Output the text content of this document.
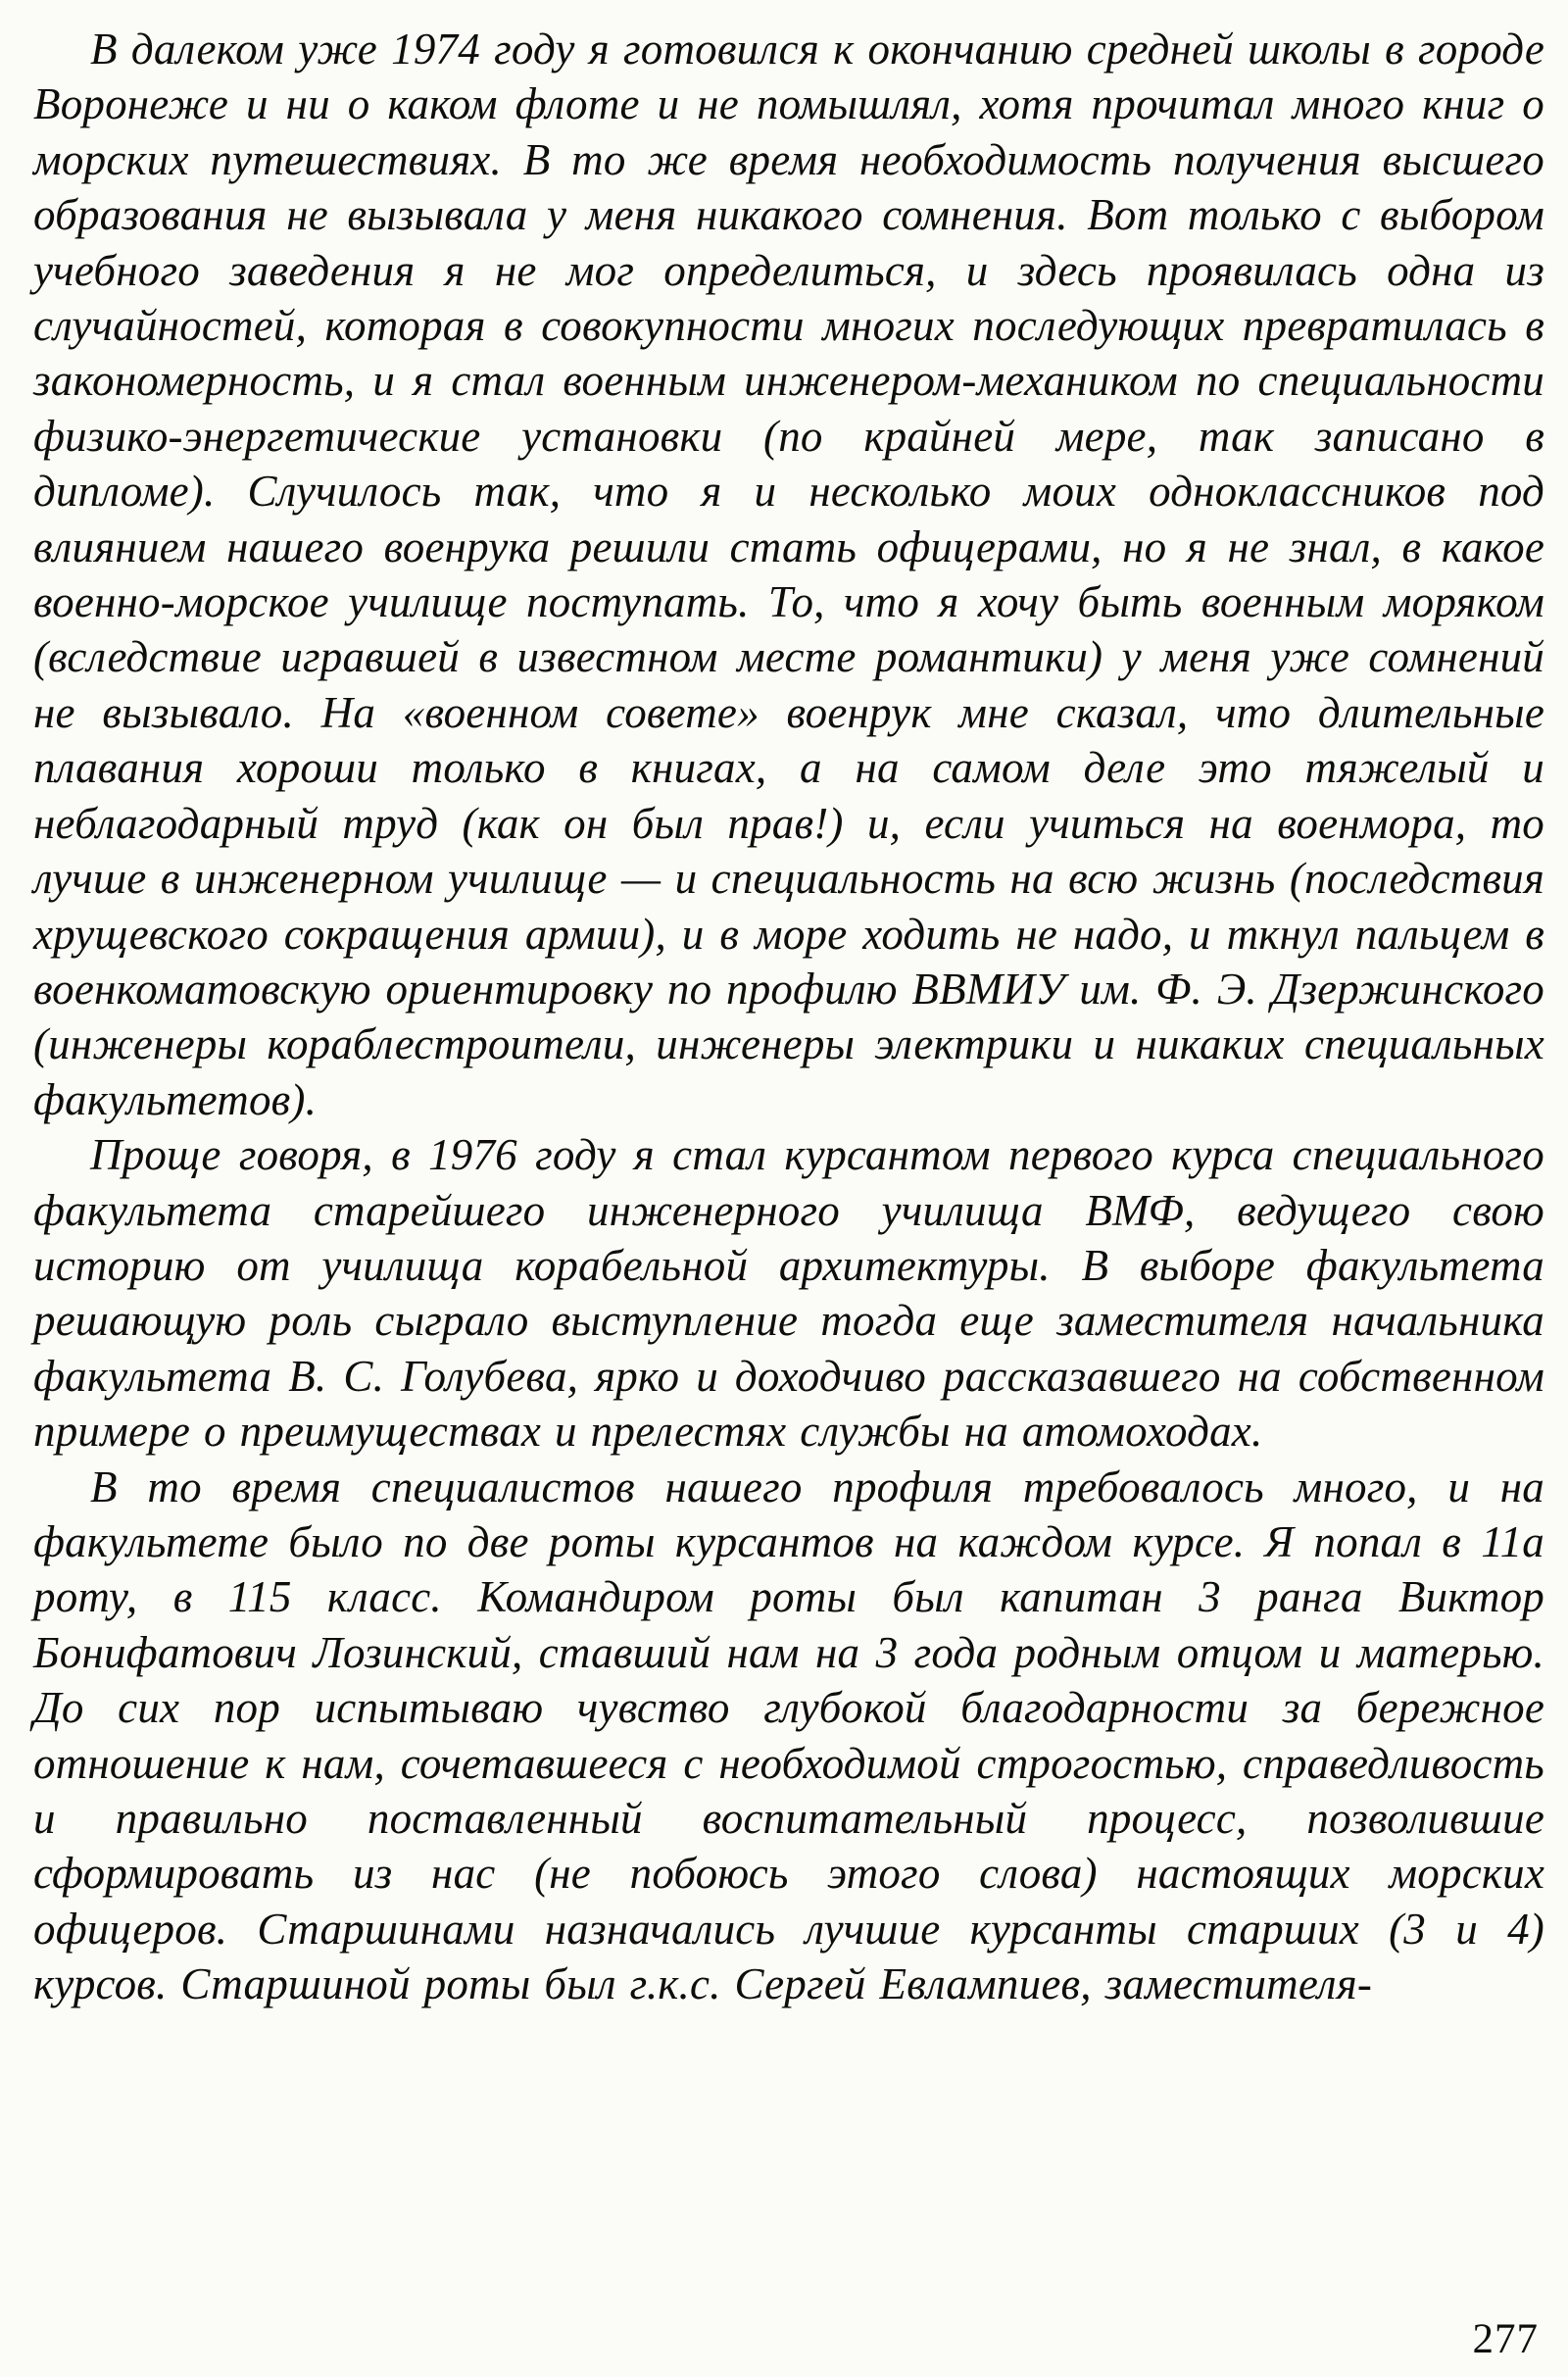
В далеком уже 1974 году я готовился к окончанию средней школы в городе Воронеже и ни о каком флоте и не помышлял, хотя прочитал много книг о морских путешествиях. В то же время необходимость получения высшего образования не вызывала у меня никакого сомнения. Вот только с выбором учебного заведения я не мог определиться, и здесь проявилась одна из случайностей, которая в совокупности многих последующих превратилась в закономерность, и я стал военным инженером-механиком по специальности физико-энергетические установки (по крайней мере, так записано в дипломе). Случилось так, что я и несколько моих одноклассников под влиянием нашего военрука решили стать офицерами, но я не знал, в какое военно-морское училище поступать. То, что я хочу быть военным моряком (вследствие игравшей в известном месте романтики) у меня уже сомнений не вызывало. На «военном совете» военрук мне сказал, что длительные плавания хороши только в книгах, а на самом деле это тяжелый и неблагодарный труд (как он был прав!) и, если учиться на военмора, то лучше в инженерном училище — и специальность на всю жизнь (последствия хрущевского сокращения армии), и в море ходить не надо, и ткнул пальцем в военкоматовскую ориентировку по профилю ВВМИУ им. Ф. Э. Дзержинского (инженеры кораблестроители, инженеры электрики и никаких специальных факультетов).

Проще говоря, в 1976 году я стал курсантом первого курса специального факультета старейшего инженерного училища ВМФ, ведущего свою историю от училища корабельной архитектуры. В выборе факультета решающую роль сыграло выступление тогда еще заместителя начальника факультета В. С. Голубева, ярко и доходчиво рассказавшего на собственном примере о преимуществах и прелестях службы на атомоходах.

В то время специалистов нашего профиля требовалось много, и на факультете было по две роты курсантов на каждом курсе. Я попал в 11а роту, в 115 класс. Командиром роты был капитан 3 ранга Виктор Бонифатович Лозинский, ставший нам на 3 года родным отцом и матерью. До сих пор испытываю чувство глубокой благодарности за бережное отношение к нам, сочетавшееся с необходимой строгостью, справедливость и правильно поставленный воспитательный процесс, позволившие сформировать из нас (не побоюсь этого слова) настоящих морских офицеров. Старшинами назначались лучшие курсанты старших (3 и 4) курсов. Старшиной роты был г.к.с. Сергей Евлампиев, заместителя-

277
